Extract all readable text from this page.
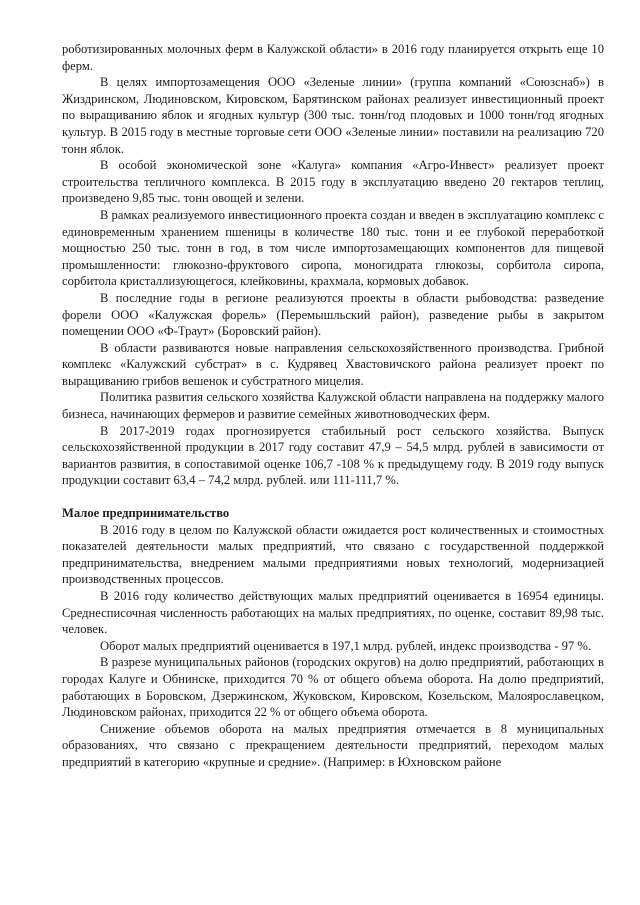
роботизированных молочных ферм в Калужской области» в 2016 году планируется открыть еще 10 ферм.

В целях импортозамещения ООО «Зеленые линии» (группа компаний «Союзснаб») в Жиздринском, Людиновском, Кировском, Барятинском районах реализует инвестиционный проект по выращиванию яблок и ягодных культур (300 тыс. тонн/год плодовых и 1000 тонн/год ягодных культур. В 2015 году в местные торговые сети ООО «Зеленые линии» поставили на реализацию 720 тонн яблок.

В особой экономической зоне «Калуга» компания «Агро-Инвест» реализует проект строительства тепличного комплекса. В 2015 году в эксплуатацию введено 20 гектаров теплиц, произведено 9,85 тыс. тонн овощей и зелени.

В рамках реализуемого инвестиционного проекта создан и введен в эксплуатацию комплекс с единовременным хранением пшеницы в количестве 180 тыс. тонн и ее глубокой переработкой мощностью 250 тыс. тонн в год, в том числе импортозамещающих компонентов для пищевой промышленности: глюкозно-фруктового сиропа, моногидрата глюкозы, сорбитола сиропа, сорбитола кристаллизующегося, клейковины, крахмала, кормовых добавок.

В последние годы в регионе реализуются проекты в области рыбоводства: разведение форели ООО «Калужская форель» (Перемышльский район), разведение рыбы в закрытом помещении ООО «Ф-Траут» (Боровский район).

В области развиваются новые направления сельскохозяйственного производства. Грибной комплекс «Калужский субстрат» в с. Кудрявец Хвастовичского района реализует проект по выращиванию грибов вешенок и субстратного мицелия.

Политика развития сельского хозяйства Калужской области направлена на поддержку малого бизнеса, начинающих фермеров и развитие семейных животноводческих ферм.

В 2017-2019 годах прогнозируется стабильный рост сельского хозяйства. Выпуск сельскохозяйственной продукции в 2017 году составит 47,9 – 54,5 млрд. рублей в зависимости от вариантов развития, в сопоставимой оценке 106,7 -108 % к предыдущему году. В 2019 году выпуск продукции составит 63,4 – 74,2 млрд. рублей. или 111-111,7 %.

Малое предпринимательство

В 2016 году в целом по Калужской области ожидается рост количественных и стоимостных показателей деятельности малых предприятий, что связано с государственной поддержкой предпринимательства, внедрением малыми предприятиями новых технологий, модернизацией производственных процессов.

В 2016 году количество действующих малых предприятий оценивается в 16954 единицы. Среднесписочная численность работающих на малых предприятиях, по оценке, составит 89,98 тыс. человек.

Оборот малых предприятий оценивается в 197,1 млрд. рублей, индекс производства - 97 %.

В разрезе муниципальных районов (городских округов) на долю предприятий, работающих в городах Калуге и Обнинске, приходится 70 % от общего объема оборота. На долю предприятий, работающих в Боровском, Дзержинском, Жуковском, Кировском, Козельском, Малоярославецком, Людиновском районах, приходится 22 % от общего объема оборота.

Снижение объемов оборота на малых предприятия отмечается в 8 муниципальных образованиях, что связано с прекращением деятельности предприятий, переходом малых предприятий в категорию «крупные и средние». (Например: в Юхновском районе
